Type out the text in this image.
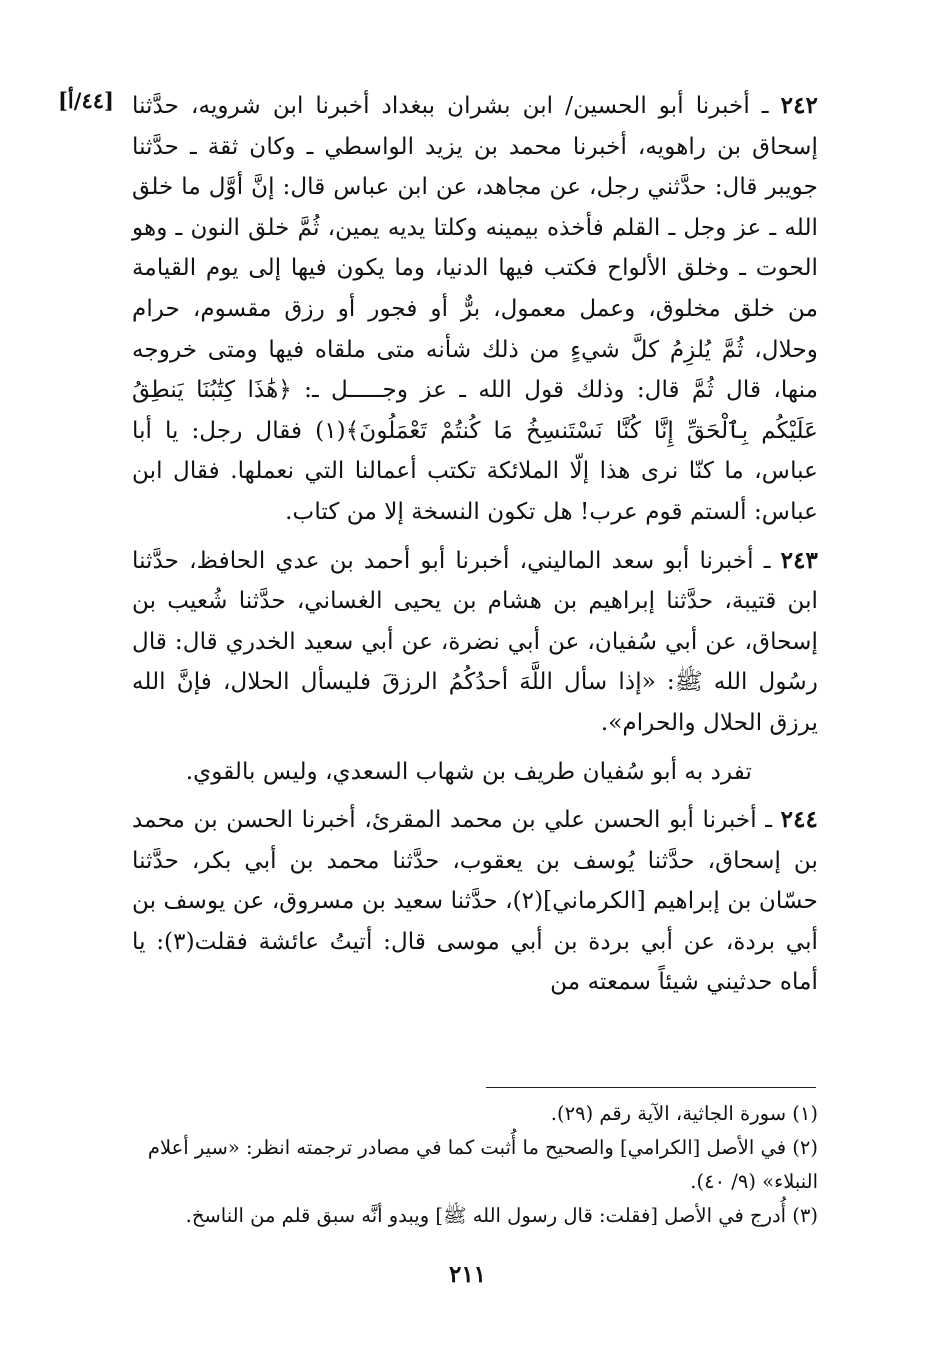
[٤٤/أ]	٢٤٢ ـ أخبرنا أبو الحسين/ ابن بشران ببغداد أخبرنا ابن شرويه، حدَّثنا إسحاق بن راهويه، أخبرنا محمد بن يزيد الواسطي ـ وكان ثقة ـ حدَّثنا جويبر قال: حدَّثني رجل، عن مجاهد، عن ابن عباس قال: إنَّ أوَّل ما خلق الله ـ عز وجل ـ القلم فأخذه بيمينه وكلتا يديه يمين، ثُمَّ خلق النون ـ وهو الحوت ـ وخلق الألواح فكتب فيها الدنيا، وما يكون فيها إلى يوم القيامة من خلق مخلوق، وعمل معمول، برٌّ أو فجور أو رزق مقسوم، حرام وحلال، ثُمَّ يُلزِمُ كلَّ شيءٍ من ذلك شأنه متى ملقاه فيها ومتى خروجه منها، قال ثُمَّ قال: وذلك قول الله ـ عز وجـــــل ـ: ﴿هَٰذَا كِتَٰبُنَا يَنطِقُ عَلَيْكُم بِٱلْحَقِّ إِنَّا كُنَّا نَسْتَنسِخُ مَا كُنتُمْ تَعْمَلُونَ﴾(١) فقال رجل: يا أبا عباس، ما كنّا نرى هذا إلّا الملائكة تكتب أعمالنا التي نعملها. فقال ابن عباس: ألستم قوم عرب! هل تكون النسخة إلا من كتاب.

٢٤٣ ـ أخبرنا أبو سعد الماليني، أخبرنا أبو أحمد بن عدي الحافظ، حدَّثنا ابن قتيبة، حدَّثنا إبراهيم بن هشام بن يحيى الغساني، حدَّثنا شُعيب بن إسحاق، عن أبي سُفيان، عن أبي نضرة، عن أبي سعيد الخدري قال: قال رسُول الله ﷺ: «إذا سأل اللَّهَ أحدُكُمُ الرزقَ فليسأل الحلال، فإنَّ الله يرزق الحلال والحرام».

تفرد به أبو سُفيان طريف بن شهاب السعدي، وليس بالقوي.

٢٤٤ ـ أخبرنا أبو الحسن علي بن محمد المقرئ، أخبرنا الحسن بن محمد بن إسحاق، حدَّثنا يُوسف بن يعقوب، حدَّثنا محمد بن أبي بكر، حدَّثنا حسّان بن إبراهيم [الكرماني](٢)، حدَّثنا سعيد بن مسروق، عن يوسف بن أبي بردة، عن أبي بردة بن أبي موسى قال: أتيتُ عائشة فقلت(٣): يا أماه حدثيني شيئاً سمعته من

(١) سورة الجاثية، الآية رقم (٢٩).

(٢) في الأصل [الكرامي] والصحيح ما أُثبت كما في مصادر ترجمته انظر: «سير أعلام النبلاء» (٩/ ٤٠).

(٣) أُدرج في الأصل [فقلت: قال رسول الله ﷺ] ويبدو أنَّه سبق قلم من الناسخ.

٢١١
